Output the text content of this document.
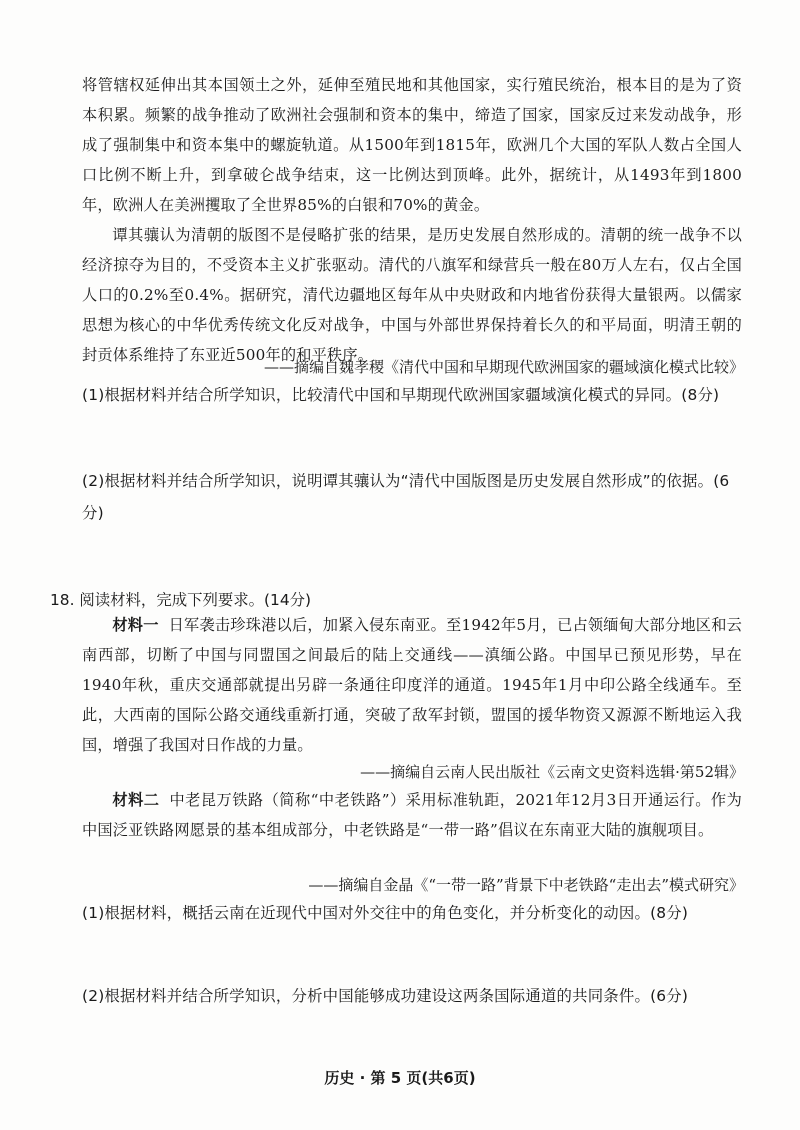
将管辖权延伸出其本国领土之外，延伸至殖民地和其他国家，实行殖民统治，根本目的是为了资本积累。频繁的战争推动了欧洲社会强制和资本的集中，缔造了国家，国家反过来发动战争，形成了强制集中和资本集中的螺旋轨道。从1500年到1815年，欧洲几个大国的军队人数占全国人口比例不断上升，到拿破仑战争结束，这一比例达到顶峰。此外，据统计，从1493年到1800年，欧洲人在美洲攫取了全世界85%的白银和70%的黄金。
谭其骧认为清朝的版图不是侵略扩张的结果，是历史发展自然形成的。清朝的统一战争不以经济掠夺为目的，不受资本主义扩张驱动。清代的八旗军和绿营兵一般在80万人左右，仅占全国人口的0.2%至0.4%。据研究，清代边疆地区每年从中央财政和内地省份获得大量银两。以儒家思想为核心的中华优秀传统文化反对战争，中国与外部世界保持着长久的和平局面，明清王朝的封贡体系维持了东亚近500年的和平秩序。
——摘编自魏孝稷《清代中国和早期现代欧洲国家的疆域演化模式比较》
(1)根据材料并结合所学知识，比较清代中国和早期现代欧洲国家疆域演化模式的异同。(8分)
(2)根据材料并结合所学知识，说明谭其骧认为“清代中国版图是历史发展自然形成”的依据。(6分)
18. 阅读材料，完成下列要求。(14分)
材料一 日军袭击珍珠港以后，加紧入侵东南亚。至1942年5月，已占领缅甸大部分地区和云南西部，切断了中国与同盟国之间最后的陆上交通线——滇缅公路。中国早已预见形势，早在1940年秋，重庆交通部就提出另辟一条通往印度洋的通道。1945年1月中印公路全线通车。至此，大西南的国际公路交通线重新打通，突破了敌军封锁，盟国的援华物资又源源不断地运入我国，增强了我国对日作战的力量。
——摘编自云南人民出版社《云南文史资料选辑·第52辑》
材料二 中老昆万铁路（简称“中老铁路”）采用标准轨距，2021年12月3日开通运行。作为中国泛亚铁路网愿景的基本组成部分，中老铁路是“一带一路”倡议在东南亚大陆的旗舰项目。
——摘编自金晶《“一带一路”背景下中老铁路“走出去”模式研究》
(1)根据材料，概括云南在近现代中国对外交往中的角色变化，并分析变化的动因。(8分)
(2)根据材料并结合所学知识，分析中国能够成功建设这两条国际通道的共同条件。(6分)
历史 · 第 5 页(共6页)
